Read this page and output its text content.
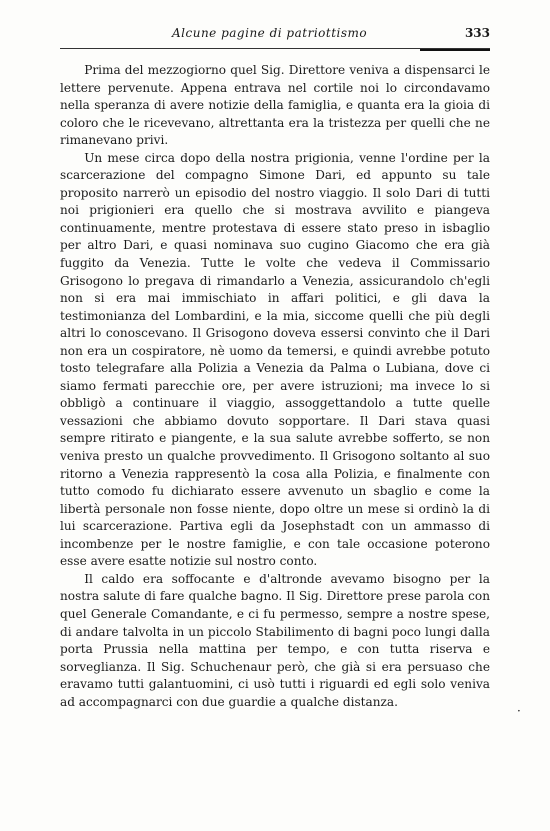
Alcune pagine di patriottismo	333

Prima del mezzogiorno quel Sig. Direttore veniva a dispensarci le lettere pervenute. Appena entrava nel cortile noi lo circondavamo nella speranza di avere notizie della famiglia, e quanta era la gioia di coloro che le ricevevano, altrettanta era la tristezza per quelli che ne rimanevano privi.

Un mese circa dopo della nostra prigionia, venne l'ordine per la scarcerazione del compagno Simone Dari, ed appunto su tale proposito narrerò un episodio del nostro viaggio. Il solo Dari di tutti noi prigionieri era quello che si mostrava avvilito e piangeva continuamente, mentre protestava di essere stato preso in isbaglio per altro Dari, e quasi nominava suo cugino Giacomo che era già fuggito da Venezia. Tutte le volte che vedeva il Commissario Grisogono lo pregava di rimandarlo a Venezia, assicurandolo ch'egli non si era mai immischiato in affari politici, e gli dava la testimonianza del Lombardini, e la mia, siccome quelli che più degli altri lo conoscevano. Il Grisogono doveva essersi convinto che il Dari non era un cospiratore, nè uomo da temersi, e quindi avrebbe potuto tosto telegrafare alla Polizia a Venezia da Palma o Lubiana, dove ci siamo fermati parecchie ore, per avere istruzioni; ma invece lo si obbligò a continuare il viaggio, assoggettandolo a tutte quelle vessazioni che abbiamo dovuto sopportare. Il Dari stava quasi sempre ritirato e piangente, e la sua salute avrebbe sofferto, se non veniva presto un qualche provvedimento. Il Grisogono soltanto al suo ritorno a Venezia rappresentò la cosa alla Polizia, e finalmente con tutto comodo fu dichiarato essere avvenuto un sbaglio e come la libertà personale non fosse niente, dopo oltre un mese si ordinò la di lui scarcerazione. Partiva egli da Josephstadt con un ammasso di incombenze per le nostre famiglie, e con tale occasione poterono esse avere esatte notizie sul nostro conto.

Il caldo era soffocante e d'altronde avevamo bisogno per la nostra salute di fare qualche bagno. Il Sig. Direttore prese parola con quel Generale Comandante, e ci fu permesso, sempre a nostre spese, di andare talvolta in un piccolo Stabilimento di bagni poco lungi dalla porta Prussia nella mattina per tempo, e con tutta riserva e sorveglianza. Il Sig. Schuchenaur però, che già si era persuaso che eravamo tutti galantuomini, ci usò tutti i riguardi ed egli solo veniva ad accompagnarci con due guardie a qualche distanza.

·
